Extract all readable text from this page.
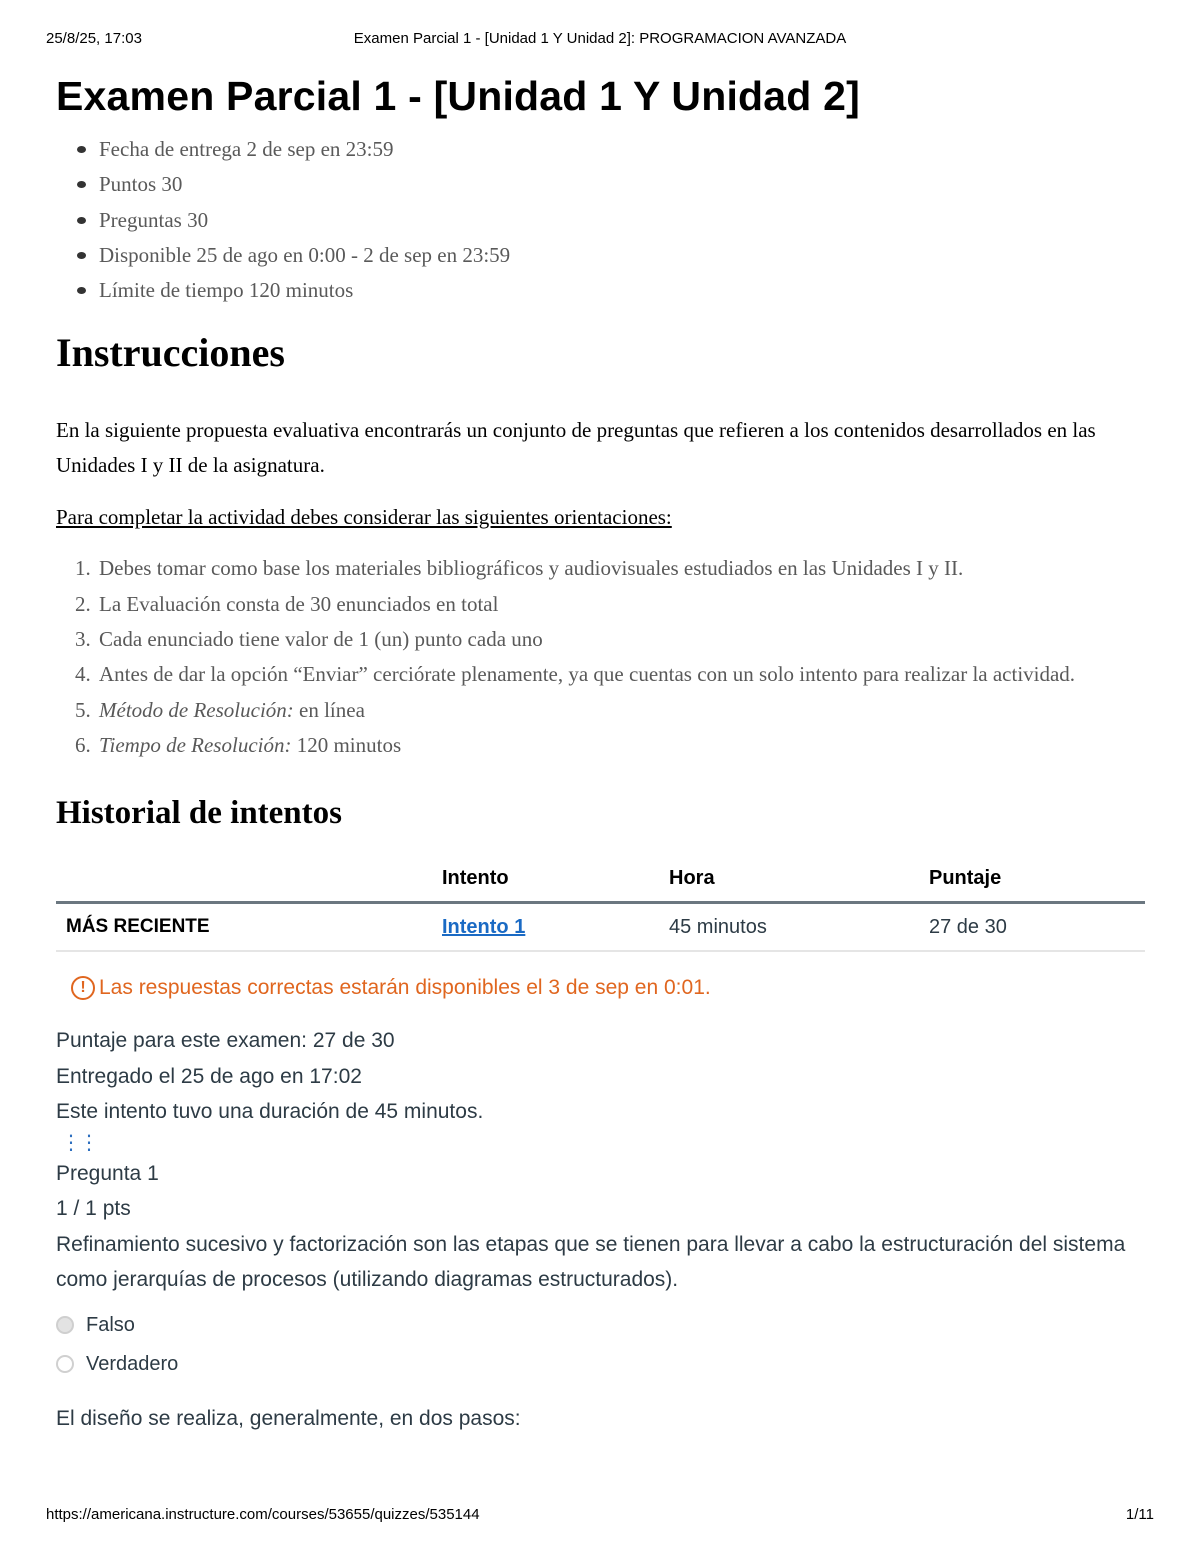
25/8/25, 17:03	Examen Parcial 1 - [Unidad 1 Y Unidad 2]: PROGRAMACION AVANZADA
Examen Parcial 1 - [Unidad 1 Y Unidad 2]
Fecha de entrega 2 de sep en 23:59
Puntos 30
Preguntas 30
Disponible 25 de ago en 0:00 - 2 de sep en 23:59
Límite de tiempo 120 minutos
Instrucciones

En la siguiente propuesta evaluativa encontrarás un conjunto de preguntas que refieren a los contenidos desarrollados en las Unidades I y II de la asignatura.

Para completar la actividad debes considerar las siguientes orientaciones:

1. Debes tomar como base los materiales bibliográficos y audiovisuales estudiados en las Unidades I y II.
2. La Evaluación consta de 30 enunciados en total
3. Cada enunciado tiene valor de 1 (un) punto cada uno
4. Antes de dar la opción “Enviar” cerciórate plenamente, ya que cuentas con un solo intento para realizar la actividad.
5. Método de Resolución: en línea
6. Tiempo de Resolución: 120 minutos
Historial de intentos
	Intento	Hora	Puntaje
MÁS RECIENTE	Intento 1	45 minutos	27 de 30
! Las respuestas correctas estarán disponibles el 3 de sep en 0:01.
Puntaje para este examen: 27 de 30
Entregado el 25 de ago en 17:02
Este intento tuvo una duración de 45 minutos.
⋮⋮
Pregunta 1
1 / 1 pts
Refinamiento sucesivo y factorización son las etapas que se tienen para llevar a cabo la estructuración del sistema como jerarquías de procesos (utilizando diagramas estructurados).
Falso
Verdadero
El diseño se realiza, generalmente, en dos pasos:
https://americana.instructure.com/courses/53655/quizzes/535144	1/11
